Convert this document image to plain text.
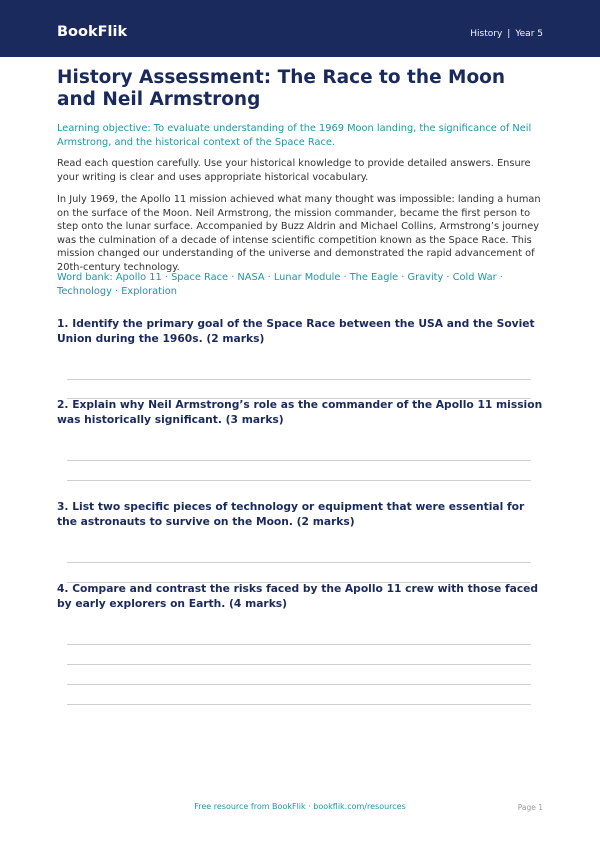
BookFlik	History | Year 5
History Assessment: The Race to the Moon and Neil Armstrong

Learning objective: To evaluate understanding of the 1969 Moon landing, the significance of Neil Armstrong, and the historical context of the Space Race.

Read each question carefully. Use your historical knowledge to provide detailed answers. Ensure your writing is clear and uses appropriate historical vocabulary.

In July 1969, the Apollo 11 mission achieved what many thought was impossible: landing a human on the surface of the Moon. Neil Armstrong, the mission commander, became the first person to step onto the lunar surface. Accompanied by Buzz Aldrin and Michael Collins, Armstrong’s journey was the culmination of a decade of intense scientific competition known as the Space Race. This mission changed our understanding of the universe and demonstrated the rapid advancement of 20th-century technology.

Word bank: Apollo 11 · Space Race · NASA · Lunar Module · The Eagle · Gravity · Cold War · Technology · Exploration

1. Identify the primary goal of the Space Race between the USA and the Soviet Union during the 1960s. (2 marks)

2. Explain why Neil Armstrong’s role as the commander of the Apollo 11 mission was historically significant. (3 marks)

3. List two specific pieces of technology or equipment that were essential for the astronauts to survive on the Moon. (2 marks)

4. Compare and contrast the risks faced by the Apollo 11 crew with those faced by early explorers on Earth. (4 marks)

Free resource from BookFlik · bookflik.com/resources	Page 1
